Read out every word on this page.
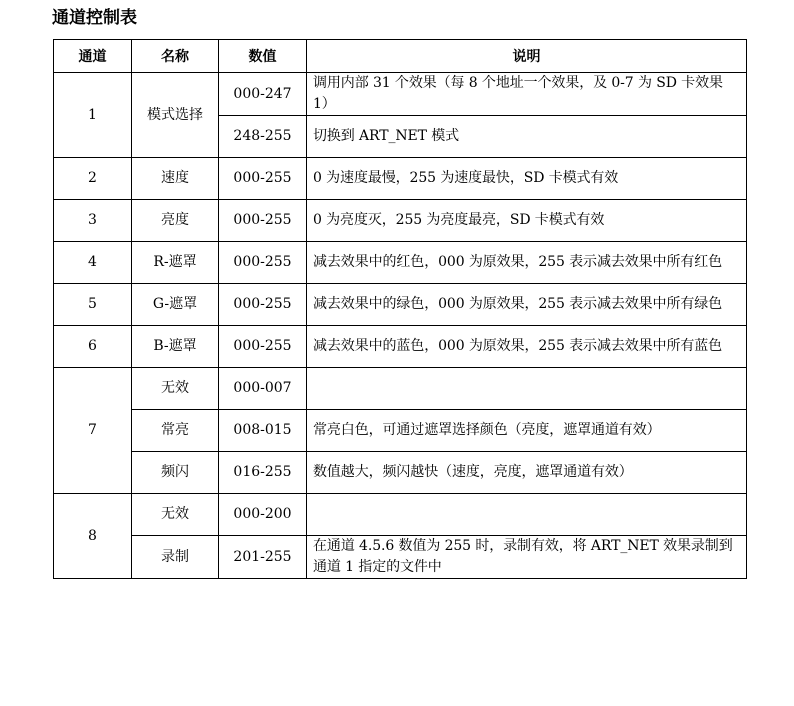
通道控制表
通道	名称	数值	说明
1	模式选择	000-247	调用内部 31 个效果（每 8 个地址一个效果，及 0-7 为 SD 卡效果 1）
		248-255	切换到 ART_NET 模式
2	速度	000-255	0 为速度最慢，255 为速度最快，SD 卡模式有效
3	亮度	000-255	0 为亮度灭，255 为亮度最亮，SD 卡模式有效
4	R-遮罩	000-255	减去效果中的红色，000 为原效果，255 表示减去效果中所有红色
5	G-遮罩	000-255	减去效果中的绿色，000 为原效果，255 表示减去效果中所有绿色
6	B-遮罩	000-255	减去效果中的蓝色，000 为原效果，255 表示减去效果中所有蓝色
7	无效	000-007	
	常亮	008-015	常亮白色，可通过遮罩选择颜色（亮度，遮罩通道有效）
	频闪	016-255	数值越大，频闪越快（速度，亮度，遮罩通道有效）
8	无效	000-200	
	录制	201-255	在通道 4.5.6 数值为 255 时，录制有效，将 ART_NET 效果录制到通道 1 指定的文件中
